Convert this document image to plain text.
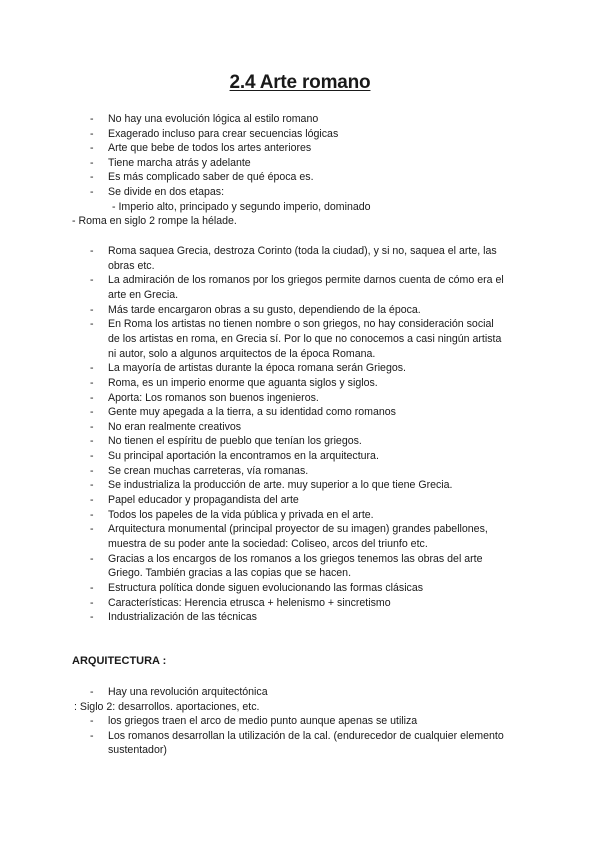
2.4 Arte romano
- No hay una evolución lógica al estilo romano
- Exagerado incluso para crear secuencias lógicas
- Arte que bebe de todos los artes anteriores
- Tiene marcha atrás y adelante
- Es más complicado saber de qué época es.
- Se divide en dos etapas:
- Imperio alto, principado y segundo imperio, dominado
- Roma en siglo 2 rompe la hélade.
- Roma saquea Grecia, destroza Corinto (toda la ciudad), y si no, saquea el arte, las
obras etc.
- La admiración de los romanos por los griegos permite darnos cuenta de cómo era el
arte en Grecia.
- Más tarde encargaron obras a su gusto, dependiendo de la época.
- En Roma los artistas no tienen nombre o son griegos, no hay consideración social
de los artistas en roma, en Grecia sí. Por lo que no conocemos a casi ningún artista
ni autor, solo a algunos arquitectos de la época Romana.
- La mayoría de artistas durante la época romana serán Griegos.
- Roma, es un imperio enorme que aguanta siglos y siglos.
- Aporta: Los romanos son buenos ingenieros.
- Gente muy apegada a la tierra, a su identidad como romanos
- No eran realmente creativos
- No tienen el espíritu de pueblo que tenían los griegos.
- Su principal aportación la encontramos en la arquitectura.
- Se crean muchas carreteras, vía romanas.
- Se industrializa la producción de arte. muy superior a lo que tiene Grecia.
- Papel educador y propagandista del arte
- Todos los papeles de la vida pública y privada en el arte.
- Arquitectura monumental (principal proyector de su imagen) grandes pabellones,
muestra de su poder ante la sociedad: Coliseo, arcos del triunfo etc.
- Gracias a los encargos de los romanos a los griegos tenemos las obras del arte
Griego. También gracias a las copias que se hacen.
- Estructura política donde siguen evolucionando las formas clásicas
- Características: Herencia etrusca + helenismo + sincretismo
- Industrialización de las técnicas
ARQUITECTURA :
- Hay una revolución arquitectónica
: Siglo 2: desarrollos. aportaciones, etc.
- los griegos traen el arco de medio punto aunque apenas se utiliza
- Los romanos desarrollan la utilización de la cal. (endurecedor de cualquier elemento
sustentador)
